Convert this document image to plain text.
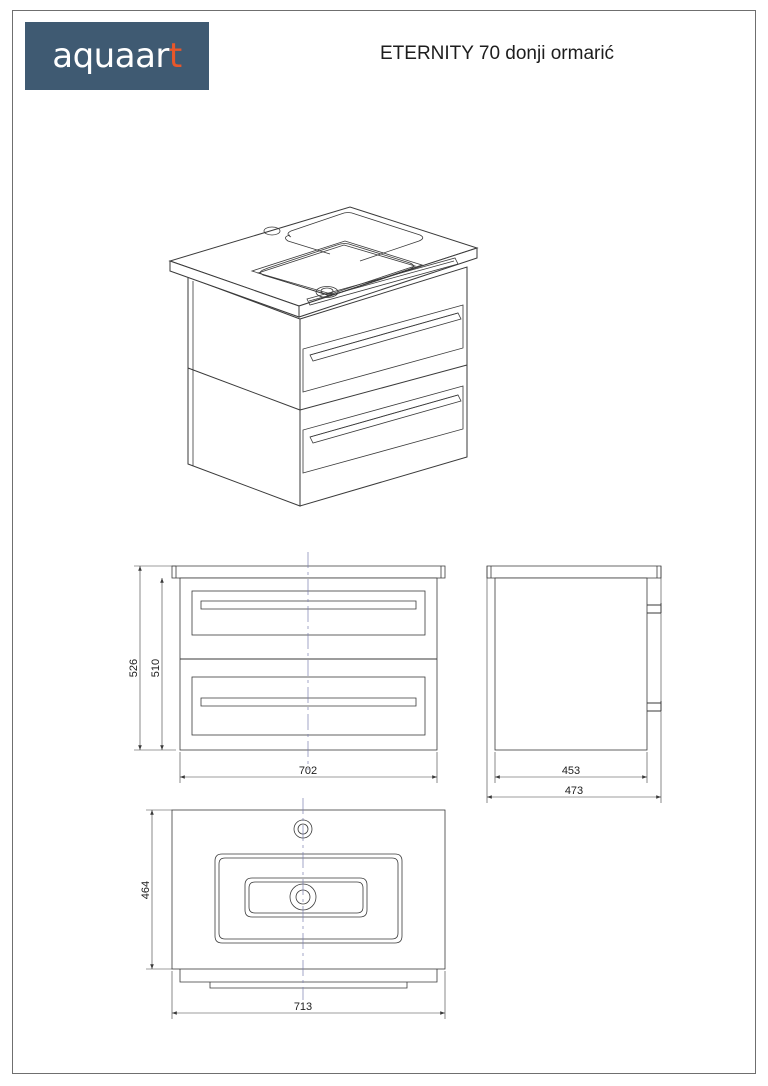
aquaart	ETERNITY 70 donji ormarić
526 510
702	453
473
464
713
